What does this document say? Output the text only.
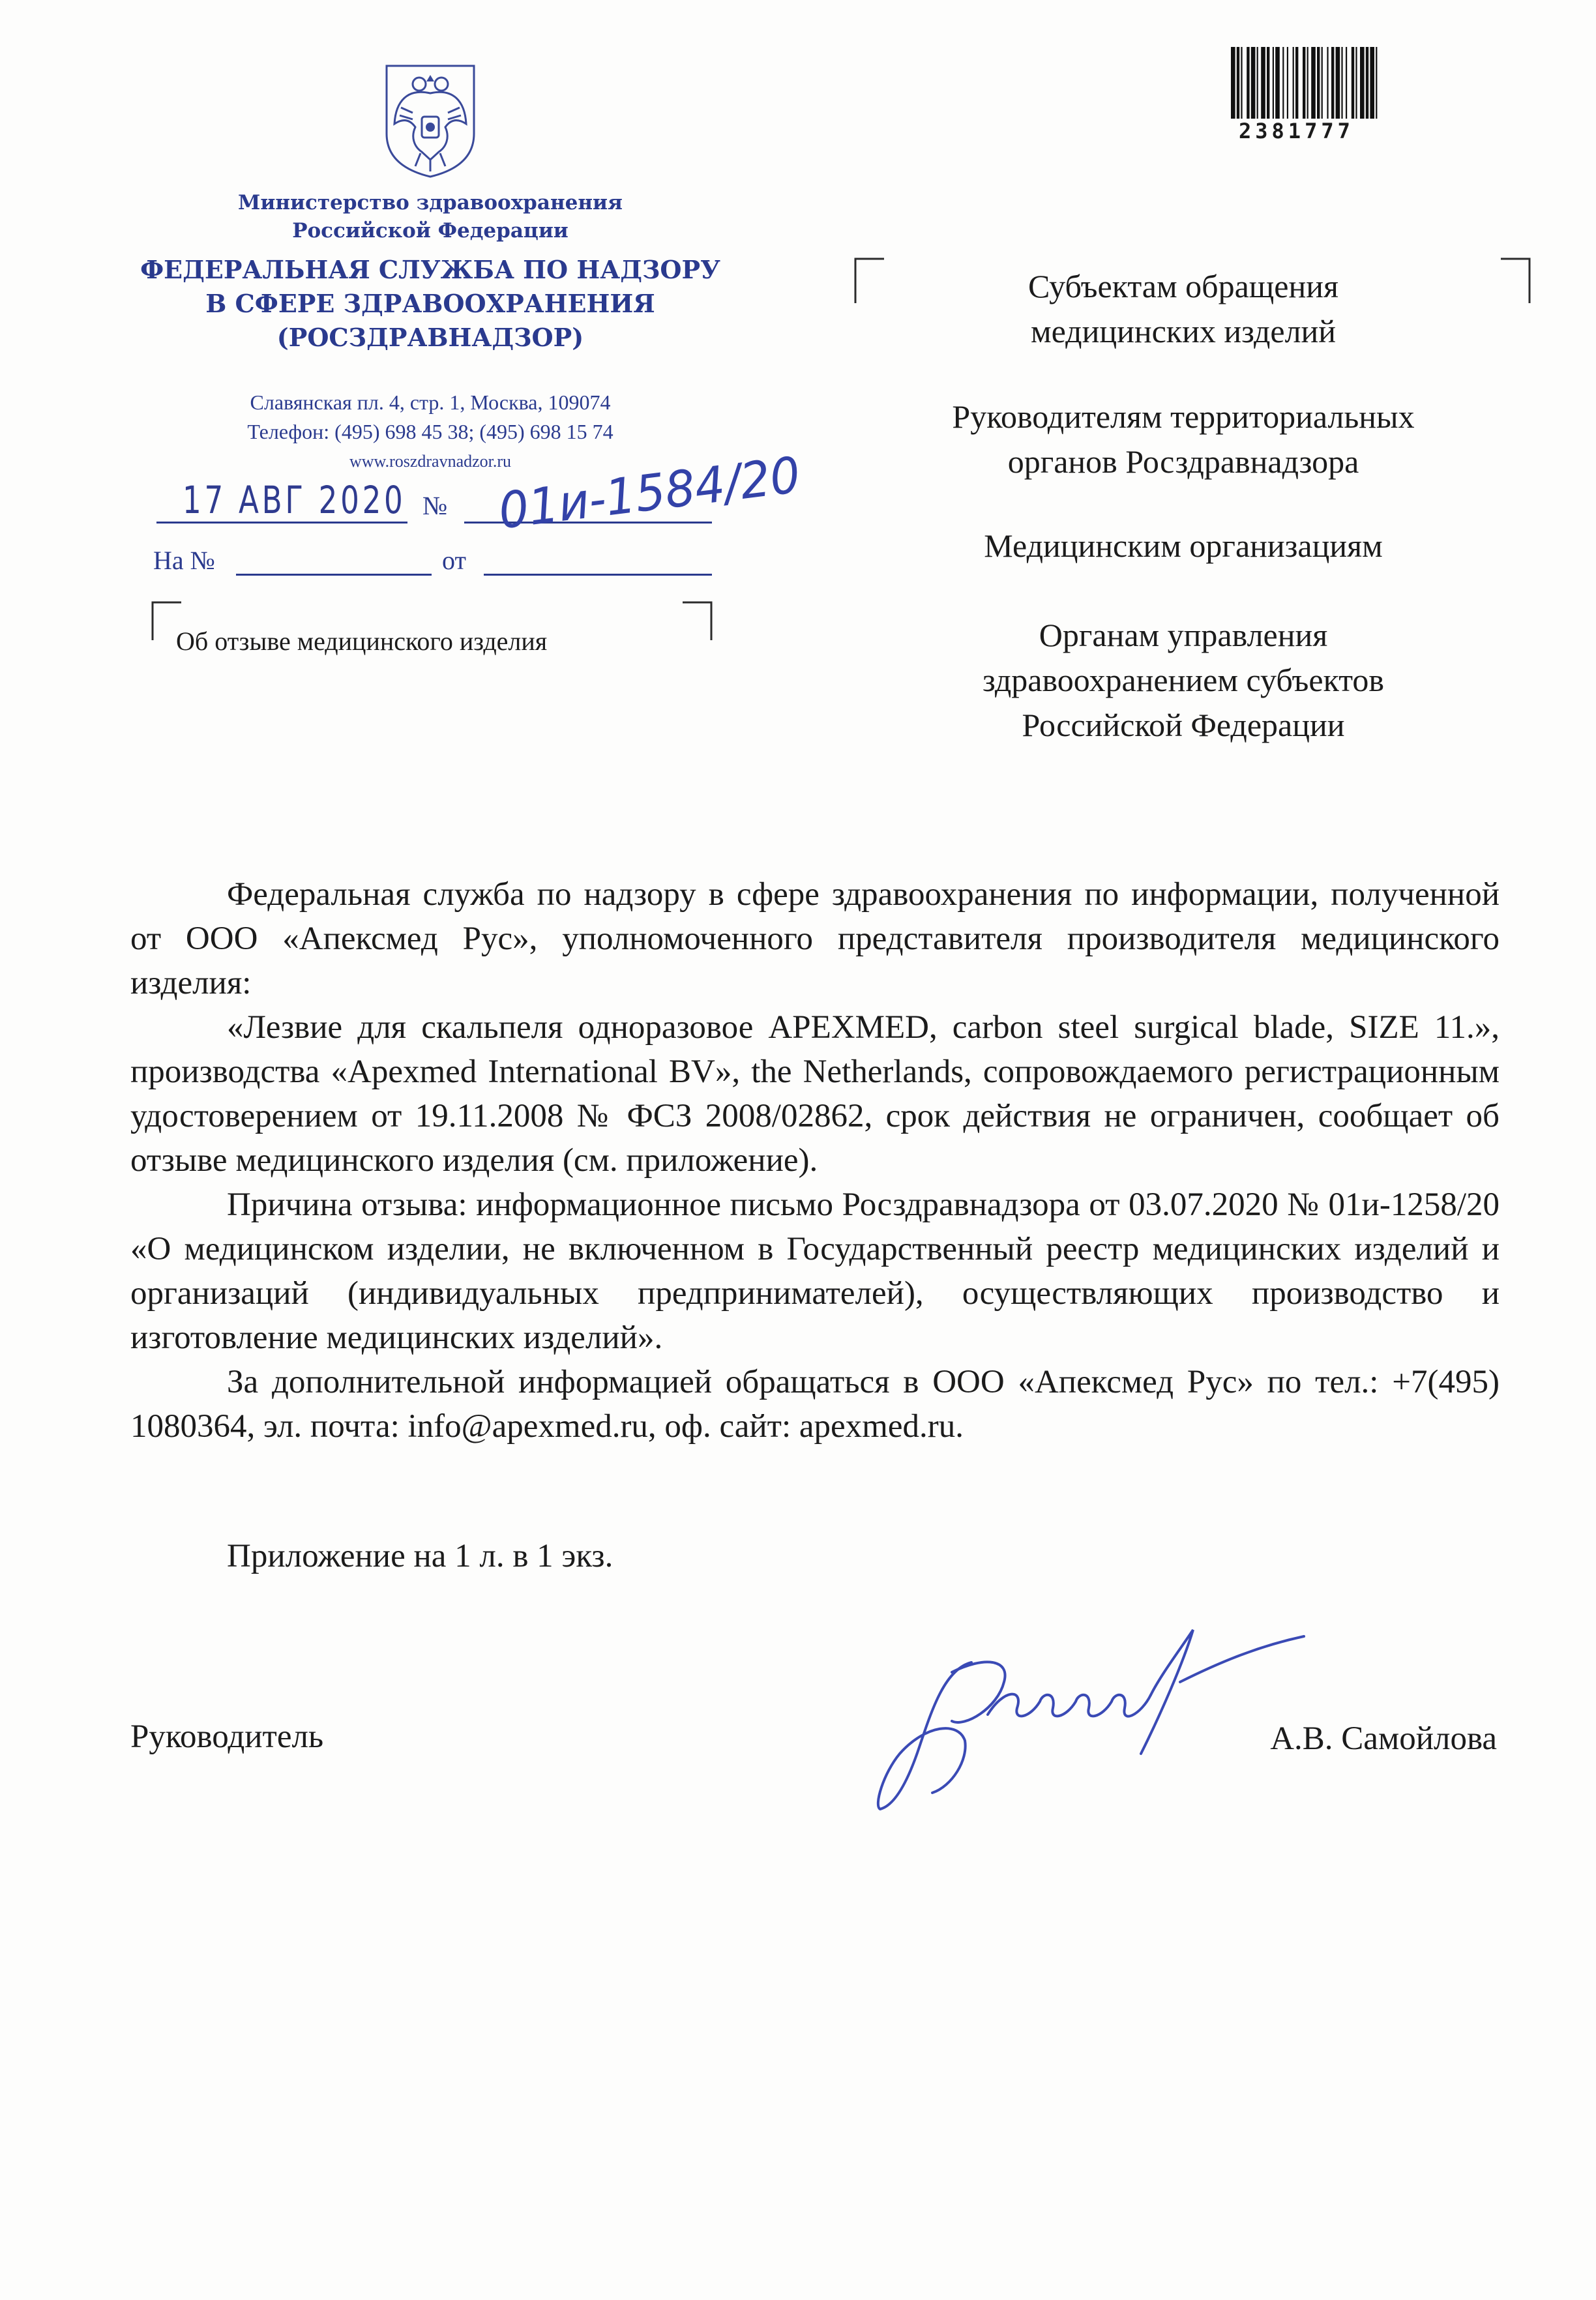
Министерство здравоохранения
Российской Федерации
ФЕДЕРАЛЬНАЯ СЛУЖБА ПО НАДЗОРУ
В СФЕРЕ ЗДРАВООХРАНЕНИЯ
(РОСЗДРАВНАДЗОР)
Славянская пл. 4, стр. 1, Москва, 109074
Телефон: (495) 698 45 38; (495) 698 15 74
www.roszdravnadzor.ru
17 АВГ 2020 № 01и-1584/20
На №	от
Об отзыве медицинского изделия
2381777
Субъектам обращения
медицинских изделий
Руководителям территориальных
органов Росздравнадзора
Медицинским организациям
Органам управления
здравоохранением субъектов
Российской Федерации

Федеральная служба по надзору в сфере здравоохранения по информации, полученной от ООО «Апексмед Рус», уполномоченного представителя производителя медицинского изделия:

«Лезвие для скальпеля одноразовое APEXMED, carbon steel surgical blade, SIZE 11.», производства «Apexmed International BV», the Netherlands, сопровождаемого регистрационным удостоверением от 19.11.2008 № ФСЗ 2008/02862, срок действия не ограничен, сообщает об отзыве медицинского изделия (см. приложение).

Причина отзыва: информационное письмо Росздравнадзора от 03.07.2020 № 01и-1258/20 «О медицинском изделии, не включенном в Государственный реестр медицинских изделий и организаций (индивидуальных предпринимателей), осуществляющих производство и изготовление медицинских изделий».

За дополнительной информацией обращаться в ООО «Апексмед Рус» по тел.: +7(495) 1080364, эл. почта: info@apexmed.ru, оф. сайт: apexmed.ru.

Приложение на 1 л. в 1 экз.
Руководитель	А.В. Самойлова
